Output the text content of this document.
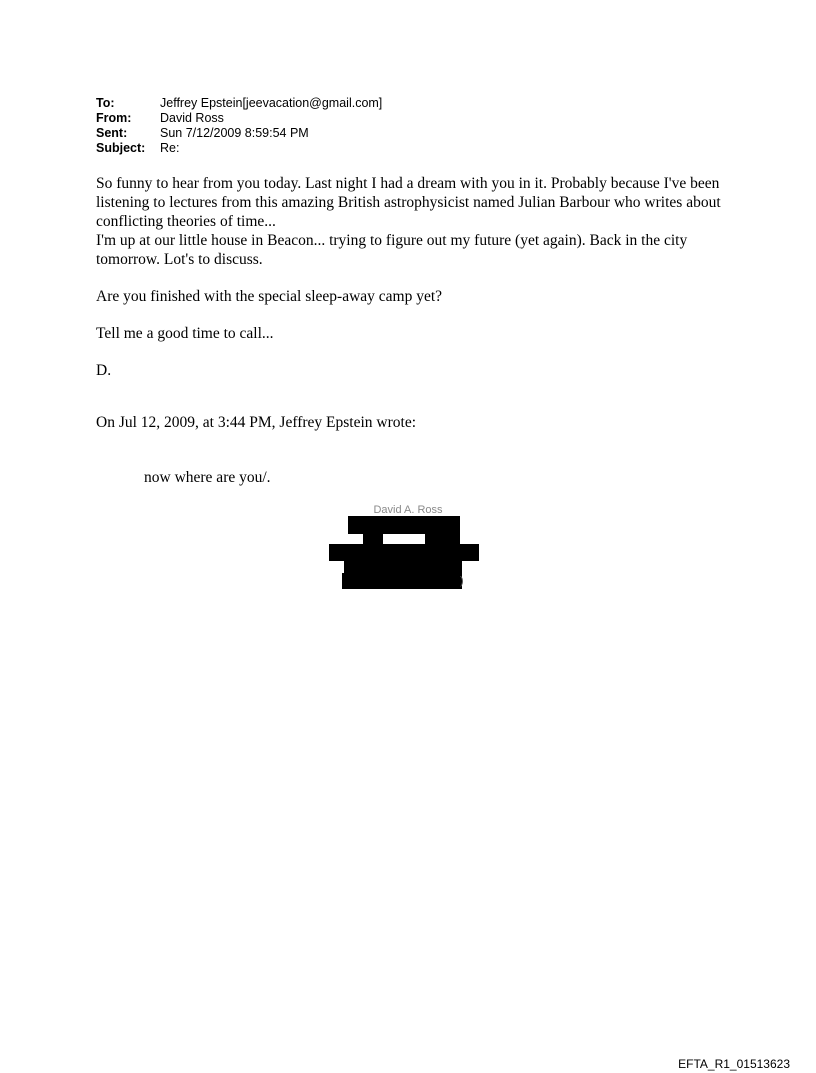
To:	Jeffrey Epstein[jeevacation@gmail.com]
From:	David Ross
Sent:	Sun 7/12/2009 8:59:54 PM
Subject:	Re:

So funny to hear from you today. Last night I had a dream with you in it. Probably because I've been listening to lectures from this amazing British astrophysicist named Julian Barbour who writes about conflicting theories of time...

I'm up at our little house in Beacon... trying to figure out my future (yet again). Back in the city tomorrow. Lot's to discuss.

Are you finished with the special sleep-away camp yet?

Tell me a good time to call...

D.

On Jul 12, 2009, at 3:44 PM, Jeffrey Epstein wrote:
now where are you/.
David A. Ross
)
EFTA_R1_01513623
